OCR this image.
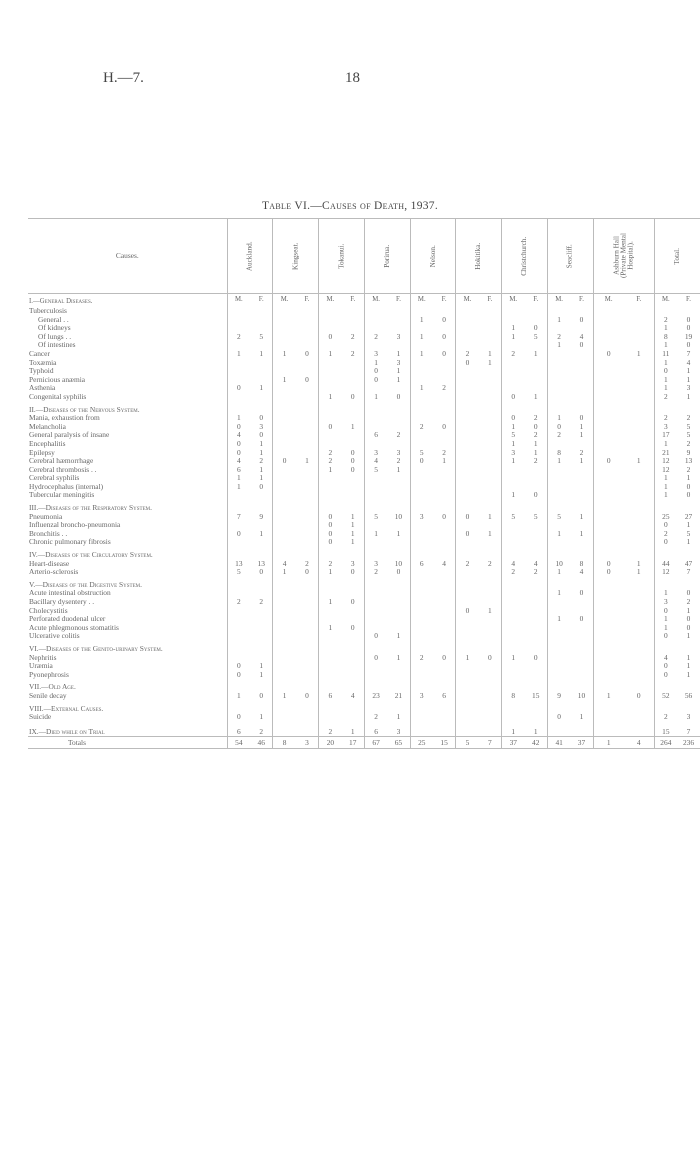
H.—7.	18
Table VI.—Causes of Death, 1937.
Causes.	Auckland.		Kingseat.		Tokanui.		Porirua.		Nelson.		Hokitika.		Christchurch.		Seacliff.		Ashburn Hall (Private Mental Hospital).		Total.	
I.—General Diseases.	M.	F.	M.	F.	M.	F.	M.	F.	M.	F.	M.	F.	M.	F.	M.	F.	M.	F.	M.	F.
Tuberculosis																				
General . .									1	0					1	0			2	0
Of kidneys													1	0					1	0
Of lungs . .	2	5			0	2	2	3	1	0			1	5	2	4			8	19
Of intestines															1	0			1	0
Cancer	1	1	1	0	1	2	3	1	1	0	2	1	2	1			0	1	11	7
Toxæmia							1	3			0	1							1	4
Typhoid							0	1											0	1
Pernicious anæmia			1	0			0	1											1	1
Asthenia	0	1							1	2									1	3
Congenital syphilis					1	0	1	0					0	1					2	1
II.—Diseases of the Nervous System.																				
Mania, exhaustion from	1	0											0	2	1	0			2	2
Melancholia	0	3			0	1			2	0			1	0	0	1			3	5
General paralysis of insane	4	0					6	2					5	2	2	1			17	5
Encephalitis	0	1											1	1					1	2
Epilepsy	0	1			2	0	3	3	5	2			3	1	8	2			21	9
Cerebral hæmorrhage	4	2	0	1	2	0	4	2	0	1			1	2	1	1	0	1	12	13
Cerebral thrombosis . .	6	1			1	0	5	1											12	2
Cerebral syphilis	1	1																	1	1
Hydrocephalus (internal)	1	0																	1	0
Tubercular meningitis													1	0					1	0
III.—Diseases of the Respiratory System.																				
Pneumonia	7	9			0	1	5	10	3	0	0	1	5	5	5	1			25	27
Influenzal broncho-pneumonia					0	1													0	1
Bronchitis . .	0	1			0	1	1	1			0	1			1	1			2	5
Chronic pulmonary fibrosis					0	1													0	1
IV.—Diseases of the Circulatory System.																				
Heart-disease	13	13	4	2	2	3	3	10	6	4	2	2	4	4	10	8	0	1	44	47
Arterio-sclerosis	5	0	1	0	1	0	2	0					2	2	1	4	0	1	12	7
V.—Diseases of the Digestive System.																				
Acute intestinal obstruction															1	0			1	0
Bacillary dysentery . .	2	2			1	0													3	2
Cholecystitis											0	1							0	1
Perforated duodenal ulcer															1	0			1	0
Acute phlegmonous stomatitis					1	0													1	0
Ulcerative colitis							0	1											0	1
VI.—Diseases of the Genito-urinary System.																				
Nephritis							0	1	2	0	1	0	1	0					4	1
Uræmia	0	1																	0	1
Pyonephrosis	0	1																	0	1
VII.—Old Age.																				
Senile decay	1	0	1	0	6	4	23	21	3	6			8	15	9	10	1	0	52	56
VIII.—External Causes.																				
Suicide	0	1					2	1							0	1			2	3
IX.—Died while on Trial	6	2			2	1	6	3					1	1					15	7
Totals	54	46	8	3	20	17	67	65	25	15	5	7	37	42	41	37	1	4	264	236
